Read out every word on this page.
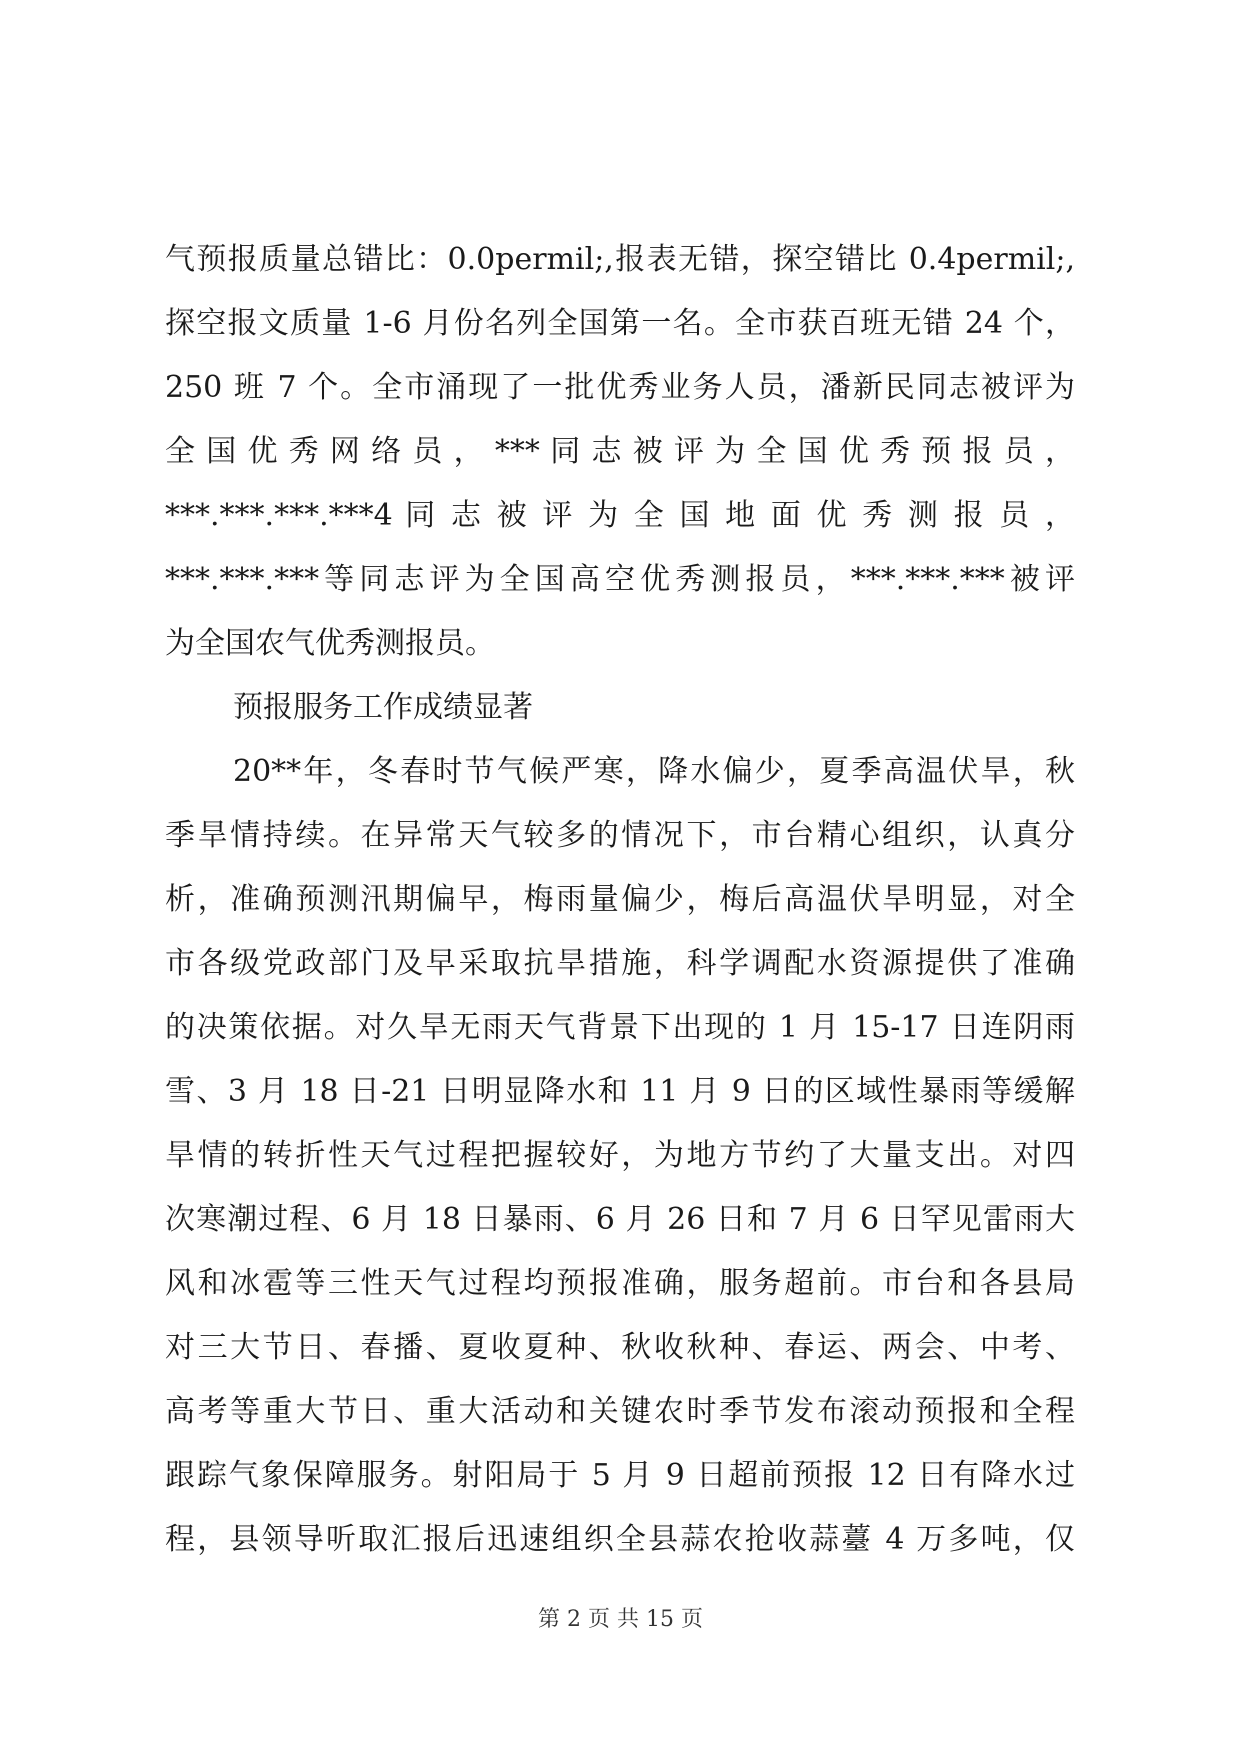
气预报质量总错比：0.0permil;,报表无错，探空错比 0.4permil;,
探空报文质量 1-6 月份名列全国第一名。全市获百班无错 24 个，
250 班 7 个。全市涌现了一批优秀业务人员，潘新民同志被评为
全 国 优 秀 网 络 员 ， *** 同 志 被 评 为 全 国 优 秀 预 报 员 ，
***.***.***.***4 同 志 被 评 为 全 国 地 面 优 秀 测 报 员 ，
***.***.***等同志评为全国高空优秀测报员，***.***.***被评
为全国农气优秀测报员。
预报服务工作成绩显著
20**年，冬春时节气候严寒，降水偏少，夏季高温伏旱，秋
季旱情持续。在异常天气较多的情况下，市台精心组织，认真分
析，准确预测汛期偏早，梅雨量偏少，梅后高温伏旱明显，对全
市各级党政部门及早采取抗旱措施，科学调配水资源提供了准确
的决策依据。对久旱无雨天气背景下出现的 1 月 15-17 日连阴雨
雪、3 月 18 日-21 日明显降水和 11 月 9 日的区域性暴雨等缓解
旱情的转折性天气过程把握较好，为地方节约了大量支出。对四
次寒潮过程、6 月 18 日暴雨、6 月 26 日和 7 月 6 日罕见雷雨大
风和冰雹等三性天气过程均预报准确，服务超前。市台和各县局
对三大节日、春播、夏收夏种、秋收秋种、春运、两会、中考、
高考等重大节日、重大活动和关键农时季节发布滚动预报和全程
跟踪气象保障服务。射阳局于 5 月 9 日超前预报 12 日有降水过
程，县领导听取汇报后迅速组织全县蒜农抢收蒜薹 4 万多吨，仅
第 2 页 共 15 页
